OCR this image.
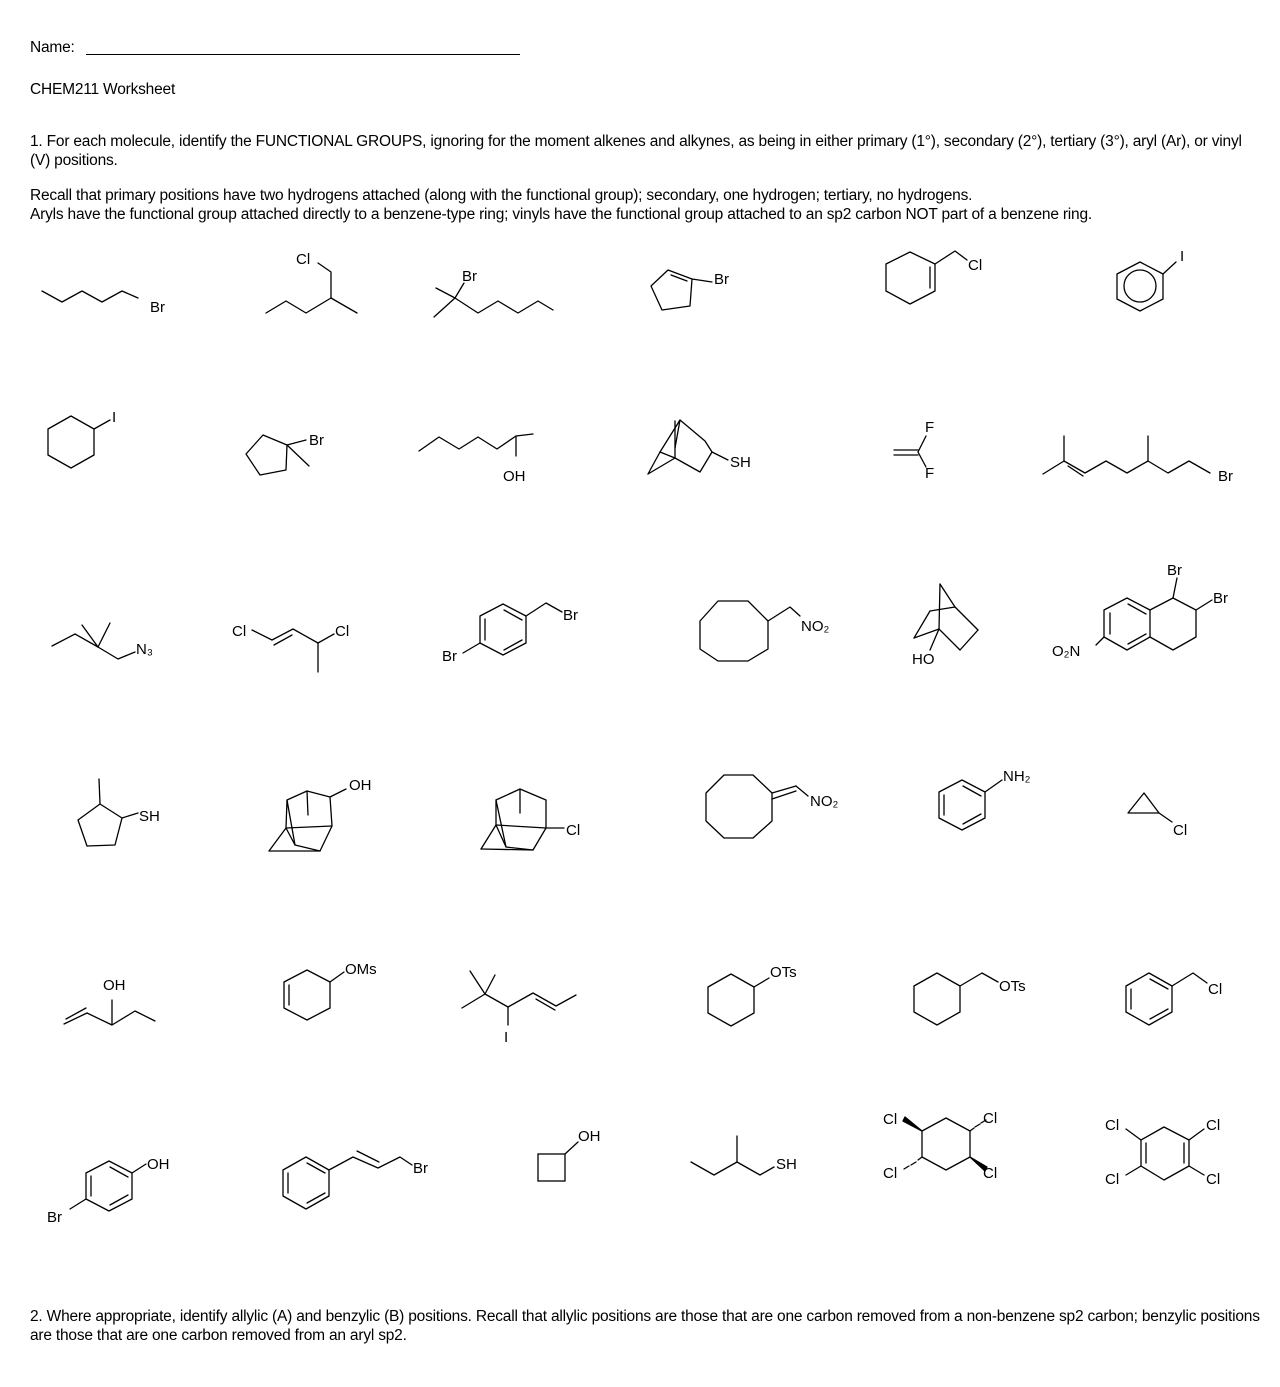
Name:
CHEM211 Worksheet
1. For each molecule, identify the FUNCTIONAL GROUPS, ignoring for the moment alkenes and alkynes, as being in either primary (1°), secondary (2°), tertiary (3°), aryl (Ar), or vinyl (V) positions.
Recall that primary positions have two hydrogens attached (along with the functional group); secondary, one hydrogen; tertiary, no hydrogens.
Aryls have the functional group attached directly to a benzene-type ring; vinyls have the functional group attached to an sp2 carbon NOT part of a benzene ring.
2. Where appropriate, identify allylic (A) and benzylic (B) positions. Recall that allylic positions are those that are one carbon removed from a non-benzene sp2 carbon; benzylic positions are those that are one carbon removed from an aryl sp2.
Br
Cl
Br	Br
Cl
I
I
Br
OH
SH
F
F	Br
N₃
Cl	Cl
Br
Br
NO₂
HO
Br
Br
O₂N
SH
OH
Cl
NO₂
NH₂
Cl
OH
OMs
I
OTs
OTs	Cl
OH
Br
Br
OH
SH
Cl	Cl
Cl	Cl
Cl	Cl
Cl	Cl
